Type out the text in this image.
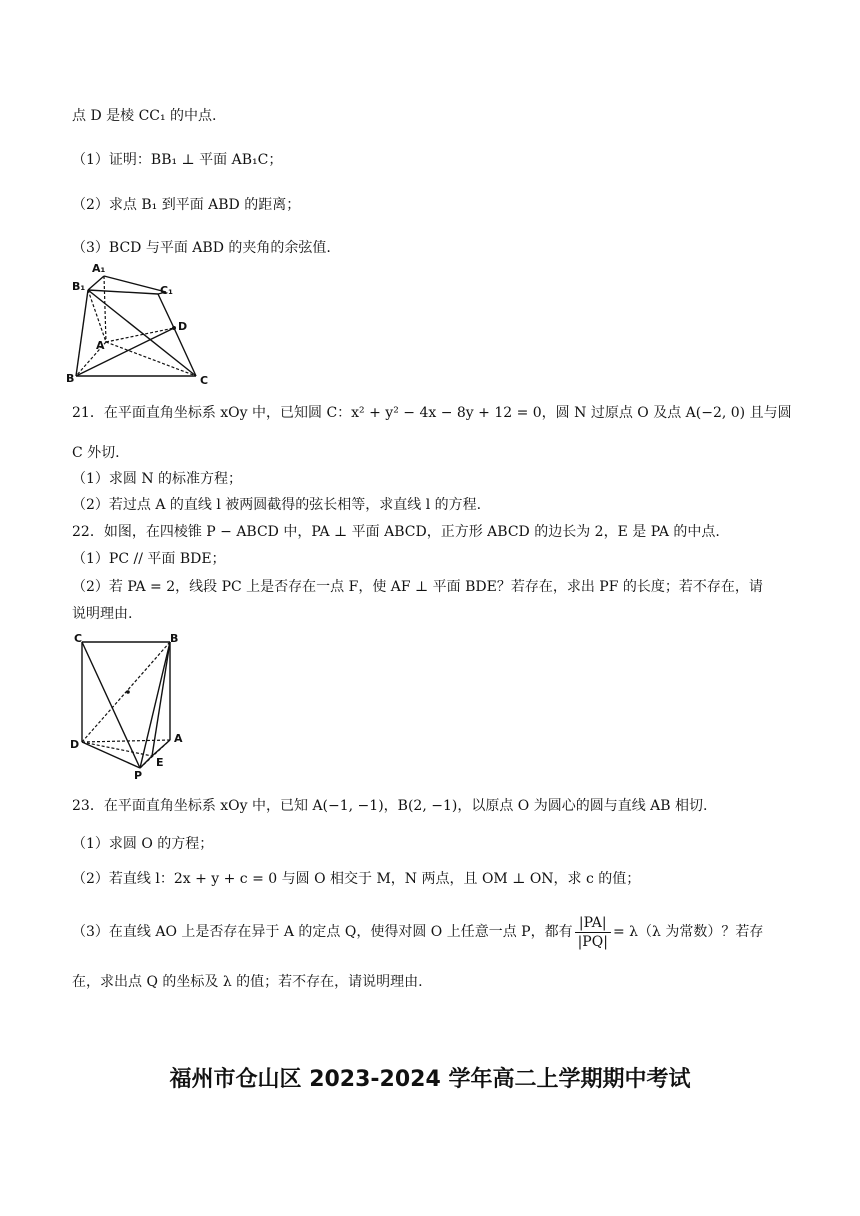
点 D 是棱 CC₁ 的中点.
（1）证明：BB₁ ⊥ 平面 AB₁C；
（2）求点 B₁ 到平面 ABD 的距离；
（3）BCD 与平面 ABD 的夹角的余弦值.
A₁
B₁	C₁
D
A
B	C
21．在平面直角坐标系 xOy 中，已知圆 C：x² + y² − 4x − 8y + 12 = 0，圆 N 过原点 O 及点 A(−2, 0) 且与圆
C 外切.
（1）求圆 N 的标准方程；
（2）若过点 A 的直线 l 被两圆截得的弦长相等，求直线 l 的方程.
22．如图，在四棱锥 P − ABCD 中，PA ⊥ 平面 ABCD，正方形 ABCD 的边长为 2，E 是 PA 的中点.
（1）PC // 平面 BDE；
（2）若 PA = 2，线段 PC 上是否存在一点 F，使 AF ⊥ 平面 BDE？若存在，求出 PF 的长度；若不存在，请
说明理由.
C	B
D	A
P
E
23．在平面直角坐标系 xOy 中，已知 A(−1, −1)，B(2, −1)，以原点 O 为圆心的圆与直线 AB 相切.
（1）求圆 O 的方程；
（2）若直线 l：2x + y + c = 0 与圆 O 相交于 M，N 两点，且 OM ⊥ ON，求 c 的值；
（3）在直线 AO 上是否存在异于 A 的定点 Q，使得对圆 O 上任意一点 P，都有 $\frac{|PA|}{|PQ|} = \lambda(\lambda$ 为常数）？若存
在，求出点 Q 的坐标及 λ 的值；若不存在，请说明理由.
福州市仓山区 2023-2024 学年高二上学期期中考试
